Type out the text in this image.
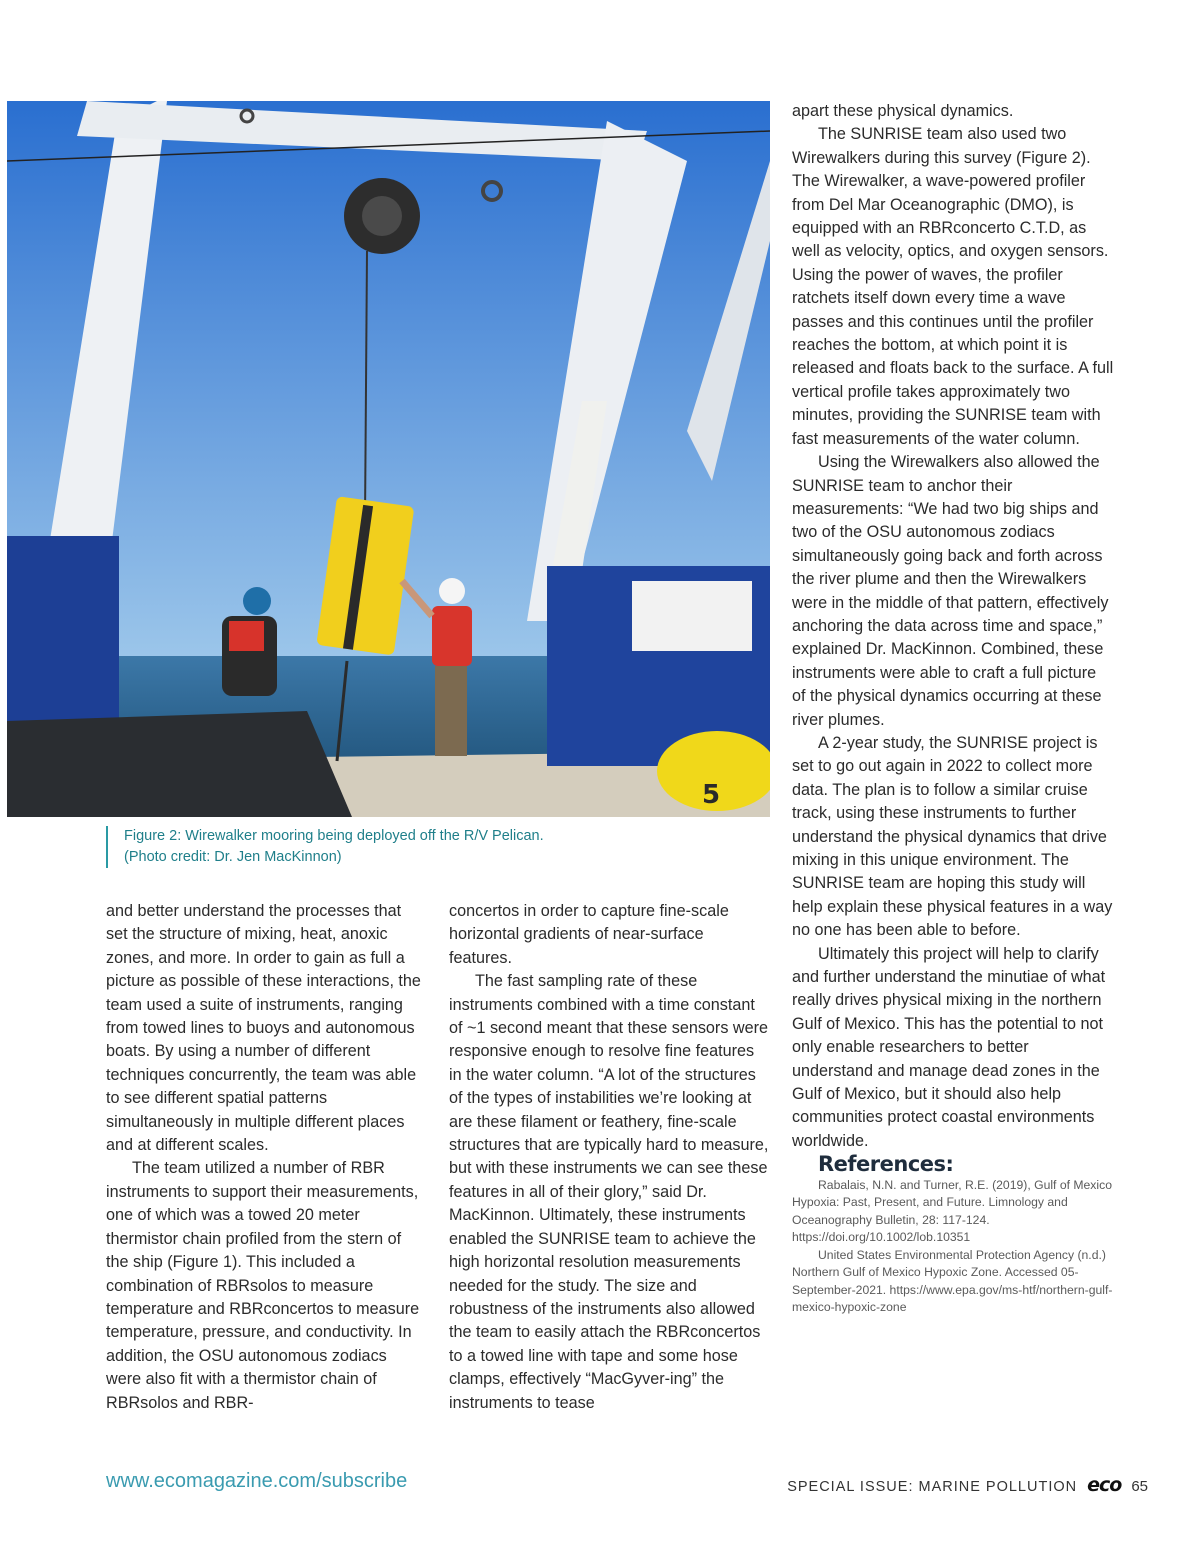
5
Figure 2: Wirewalker mooring being deployed off the R/V Pelican. (Photo credit: Dr. Jen MacKinnon)

and better understand the processes that set the structure of mixing, heat, anoxic zones, and more. In order to gain as full a picture as possible of these interactions, the team used a suite of instruments, ranging from towed lines to buoys and autonomous boats. By using a number of different techniques concurrently, the team was able to see different spatial patterns simultaneously in multiple different places and at different scales.

The team utilized a number of RBR instruments to support their measurements, one of which was a towed 20 meter thermistor chain profiled from the stern of the ship (Figure 1). This included a combination of RBRsolos to measure temperature and RBRconcertos to measure temperature, pressure, and conductivity. In addition, the OSU autonomous zodiacs were also fit with a thermistor chain of RBRsolos and RBR-

concertos in order to capture fine-scale horizontal gradients of near-surface features.

The fast sampling rate of these instruments combined with a time constant of ~1 second meant that these sensors were responsive enough to resolve fine features in the water column. “A lot of the structures of the types of instabilities we’re looking at are these filament or feathery, fine-scale structures that are typically hard to measure, but with these instruments we can see these features in all of their glory,” said Dr. MacKinnon. Ultimately, these instruments enabled the SUNRISE team to achieve the high horizontal resolution measurements needed for the study. The size and robustness of the instruments also allowed the team to easily attach the RBRconcertos to a towed line with tape and some hose clamps, effectively “MacGyver-ing” the instruments to tease

apart these physical dynamics.

The SUNRISE team also used two Wirewalkers during this survey (Figure 2). The Wirewalker, a wave-powered profiler from Del Mar Oceanographic (DMO), is equipped with an RBRconcerto C.T.D, as well as velocity, optics, and oxygen sensors. Using the power of waves, the profiler ratchets itself down every time a wave passes and this continues until the profiler reaches the bottom, at which point it is released and floats back to the surface. A full vertical profile takes approximately two minutes, providing the SUNRISE team with fast measurements of the water column.

Using the Wirewalkers also allowed the SUNRISE team to anchor their measurements: “We had two big ships and two of the OSU autonomous zodiacs simultaneously going back and forth across the river plume and then the Wirewalkers were in the middle of that pattern, effectively anchoring the data across time and space,” explained Dr. MacKinnon. Combined, these instruments were able to craft a full picture of the physical dynamics occurring at these river plumes.

A 2-year study, the SUNRISE project is set to go out again in 2022 to collect more data. The plan is to follow a similar cruise track, using these instruments to further understand the physical dynamics that drive mixing in this unique environment. The SUNRISE team are hoping this study will help explain these physical features in a way no one has been able to before.

Ultimately this project will help to clarify and further understand the minutiae of what really drives physical mixing in the northern Gulf of Mexico. This has the potential to not only enable researchers to better understand and manage dead zones in the Gulf of Mexico, but it should also help communities protect coastal environments worldwide.

References:

Rabalais, N.N. and Turner, R.E. (2019), Gulf of Mexico Hypoxia: Past, Present, and Future. Limnology and Oceanography Bulletin, 28: 117-124. https://doi.org/10.1002/lob.10351

United States Environmental Protection Agency (n.d.) Northern Gulf of Mexico Hypoxic Zone. Accessed 05-September-2021. https://www.epa.gov/ms-htf/northern-gulf-mexico-hypoxic-zone

www.ecomagazine.com/subscribe	SPECIAL ISSUE: MARINE POLLUTION eco 65
